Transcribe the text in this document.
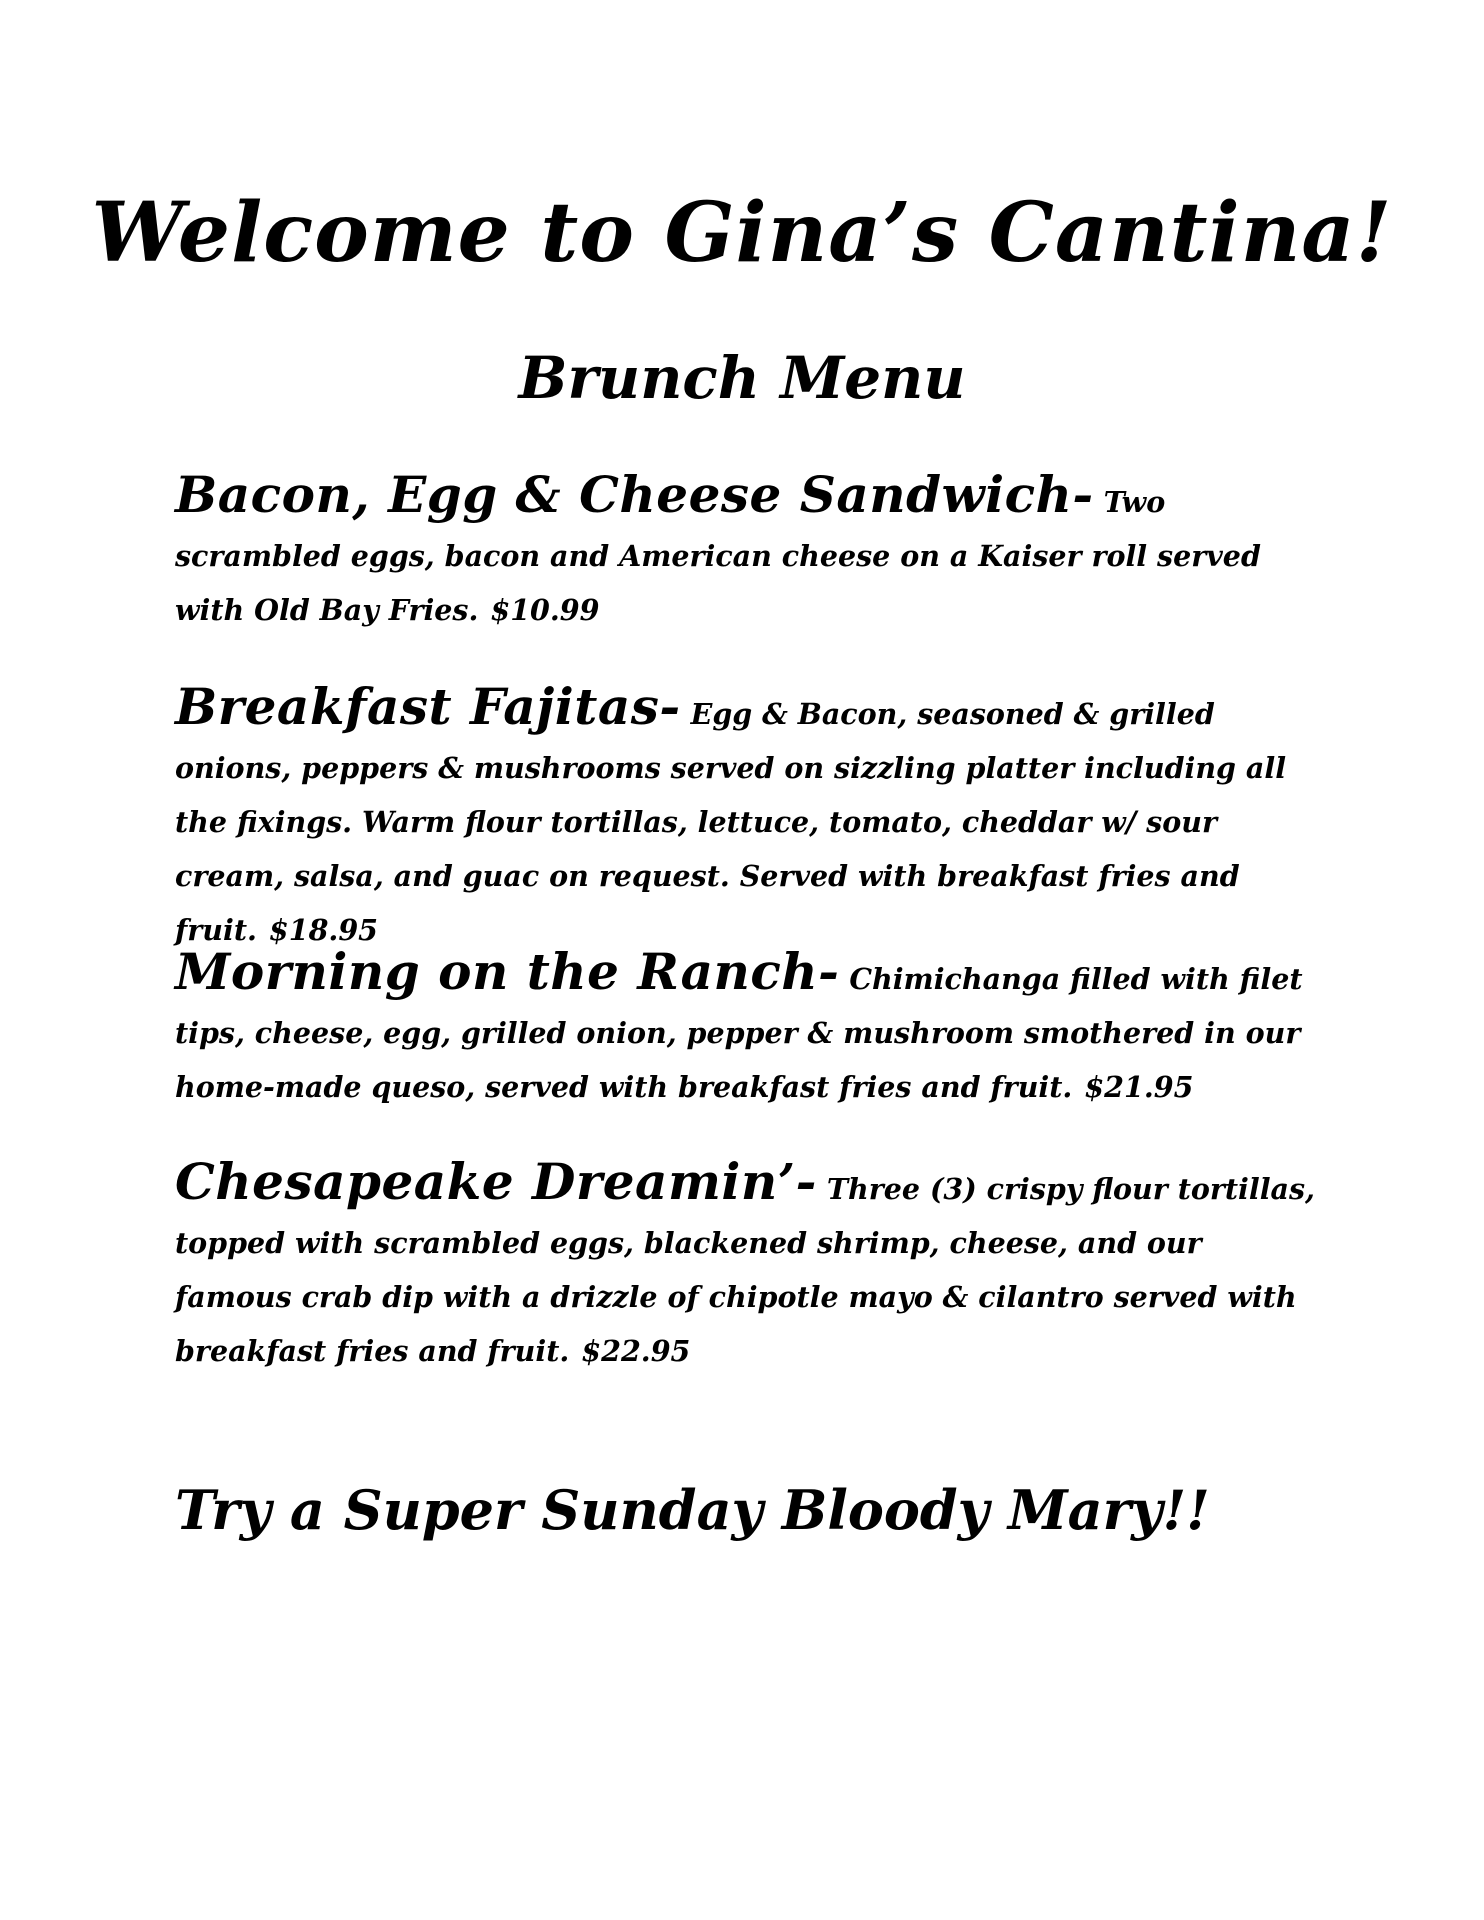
Welcome to Gina’s Cantina!
Brunch Menu

Bacon, Egg & Cheese Sandwich- Two scrambled eggs, bacon and American cheese on a Kaiser roll served with Old Bay Fries. $10.99

Breakfast Fajitas- Egg & Bacon, seasoned & grilled onions, peppers & mushrooms served on sizzling platter including all the fixings. Warm flour tortillas, lettuce, tomato, cheddar w/ sour cream, salsa, and guac on request. Served with breakfast fries and fruit. $18.95

Morning on the Ranch- Chimichanga filled with filet tips, cheese, egg, grilled onion, pepper & mushroom smothered in our home-made queso, served with breakfast fries and fruit. $21.95

Chesapeake Dreamin’- Three (3) crispy flour tortillas, topped with scrambled eggs, blackened shrimp, cheese, and our famous crab dip with a drizzle of chipotle mayo & cilantro served with breakfast fries and fruit. $22.95

Try a Super Sunday Bloody Mary!!
